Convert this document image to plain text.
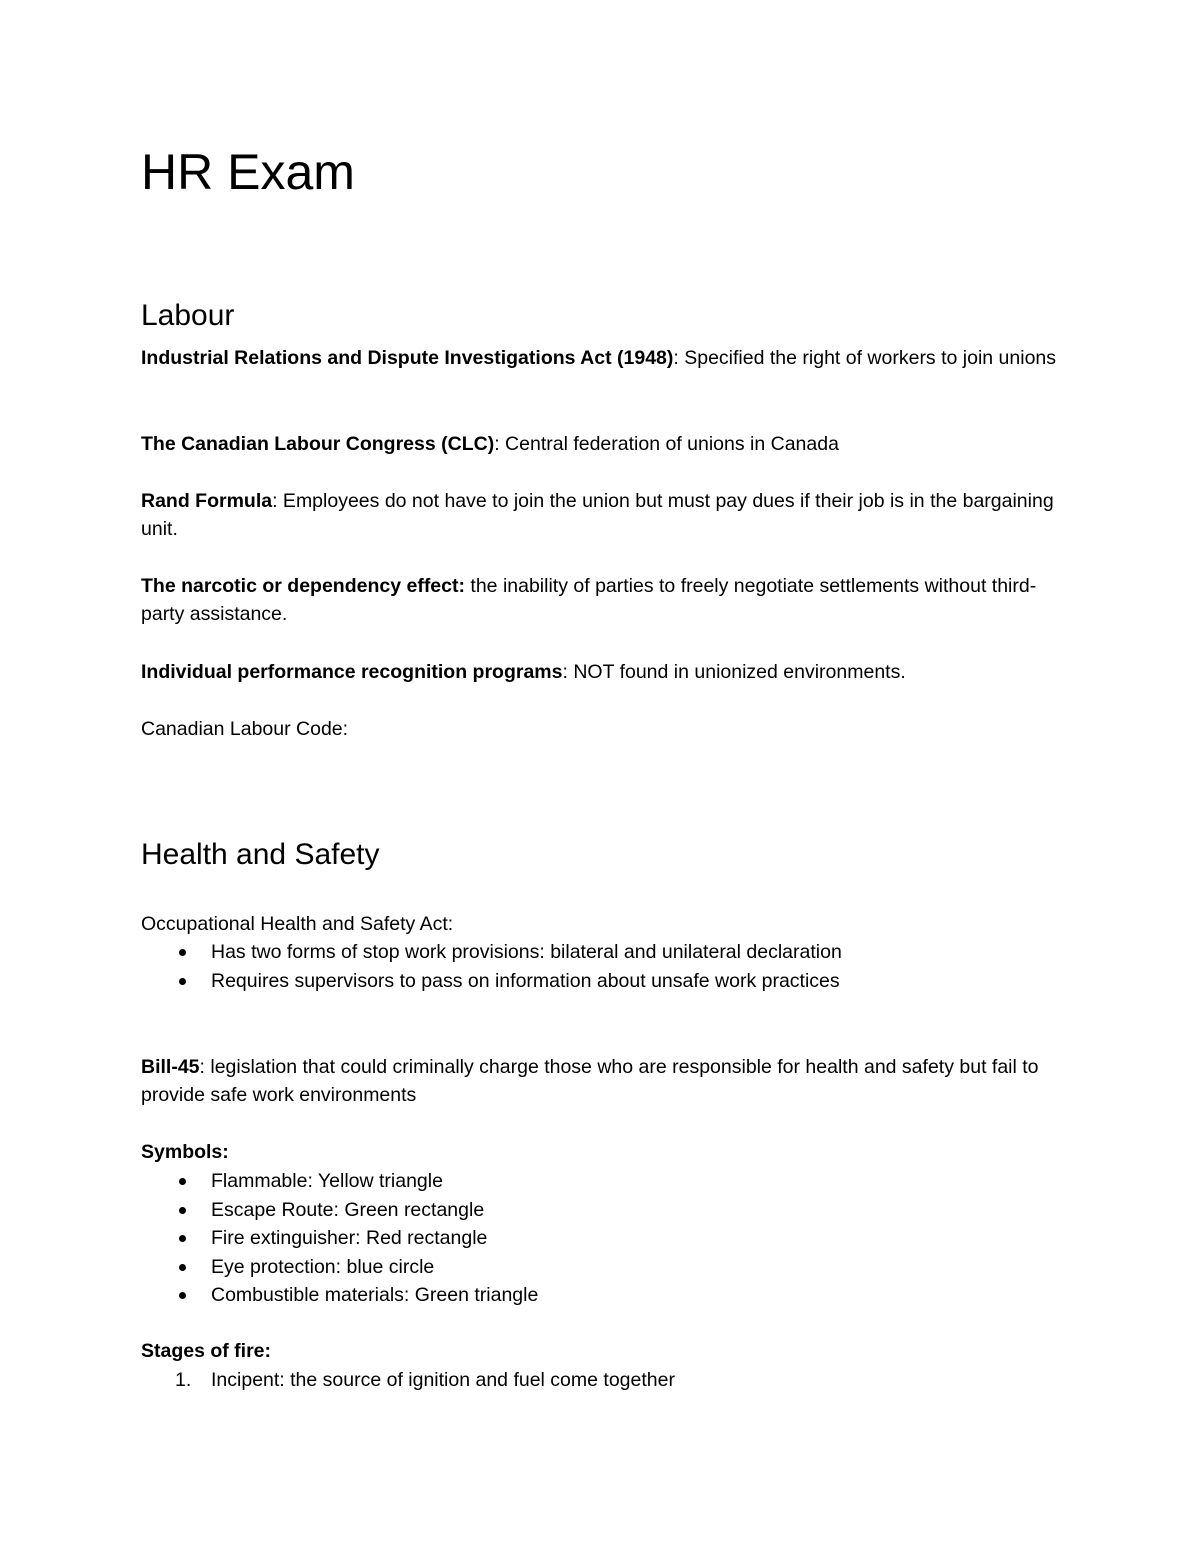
HR Exam
Labour

Industrial Relations and Dispute Investigations Act (1948): Specified the right of workers to join unions

The Canadian Labour Congress (CLC): Central federation of unions in Canada

Rand Formula: Employees do not have to join the union but must pay dues if their job is in the bargaining unit.

The narcotic or dependency effect: the inability of parties to freely negotiate settlements without third-party assistance.

Individual performance recognition programs: NOT found in unionized environments.

Canadian Labour Code:

Health and Safety

Occupational Health and Safety Act:

Has two forms of stop work provisions: bilateral and unilateral declaration
Requires supervisors to pass on information about unsafe work practices

Bill-45: legislation that could criminally charge those who are responsible for health and safety but fail to provide safe work environments

Symbols:

Flammable: Yellow triangle
Escape Route: Green rectangle
Fire extinguisher: Red rectangle
Eye protection: blue circle
Combustible materials: Green triangle

Stages of fire:

1. Incipent: the source of ignition and fuel come together
